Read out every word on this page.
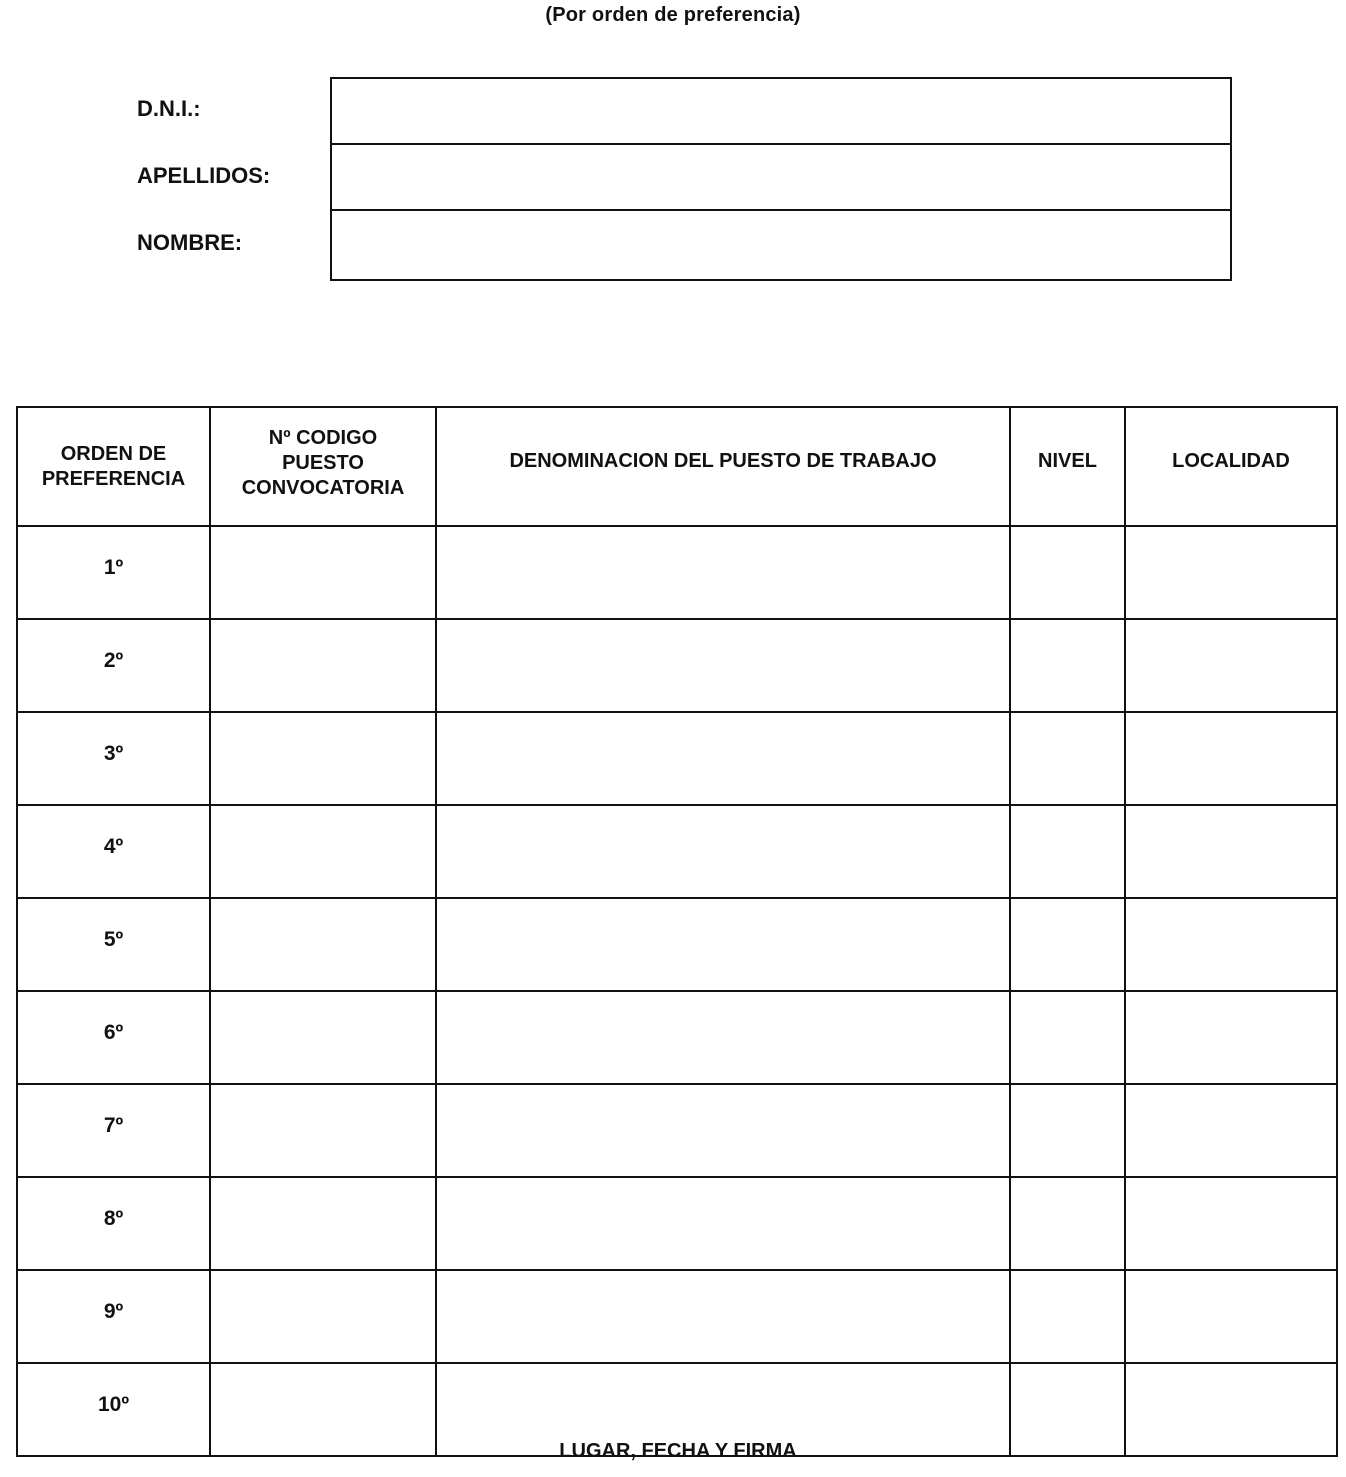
(Por orden de preferencia)
D.N.I.:
APELLIDOS:
NOMBRE:
ORDEN DE PREFERENCIA	Nº CODIGO PUESTO CONVOCATORIA	DENOMINACION DEL PUESTO DE TRABAJO	NIVEL	LOCALIDAD
1º				
2º				
3º				
4º				
5º				
6º				
7º				
8º				
9º				
10º				
LUGAR, FECHA Y FIRMA
